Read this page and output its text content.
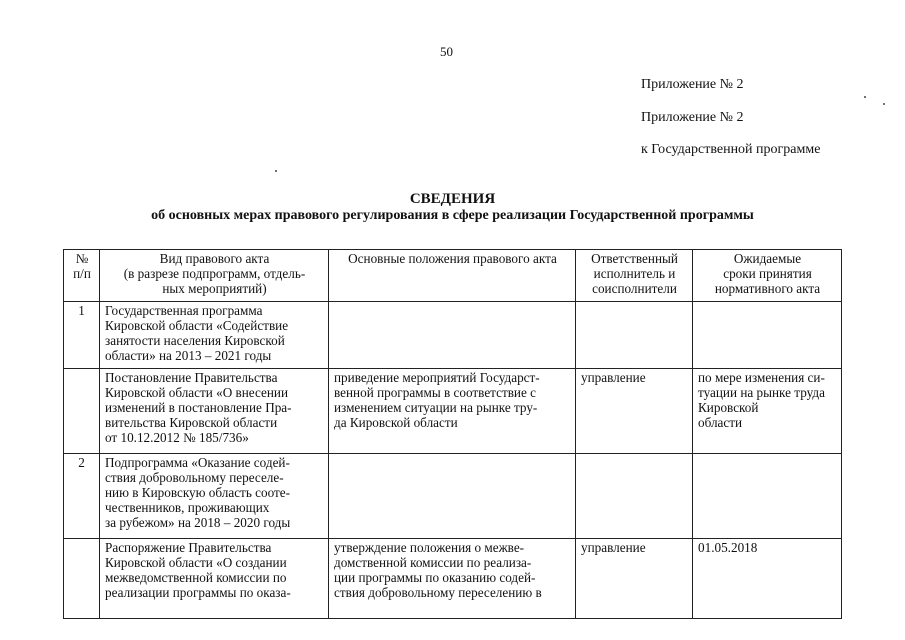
50
Приложение № 2
Приложение № 2
к Государственной программе
СВЕДЕНИЯ
об основных мерах правового регулирования в сфере реализации Государственной программы
№
п/п	Вид правового акта
(в разрезе подпрограмм, отдель-
ных мероприятий)	Основные положения правового акта	Ответственный
исполнитель и
соисполнители	Ожидаемые
сроки принятия
нормативного акта
1	Государственная программа
Кировской области «Содействие
занятости населения Кировской
области» на 2013 – 2021 годы			
	Постановление Правительства
Кировской области «О внесении
изменений в постановление Пра-
вительства Кировской области
от 10.12.2012 № 185/736»	приведение мероприятий Государст-
венной программы в соответствие с
изменением ситуации на рынке тру-
да Кировской области	управление	по мере изменения си-
туации на рынке труда
Кировской
области
2	Подпрограмма «Оказание содей-
ствия добровольному переселе-
нию в Кировскую область сооте-
чественников, проживающих
за рубежом» на 2018 – 2020 годы			
	Распоряжение Правительства
Кировской области «О создании
межведомственной комиссии по
реализации программы по оказа-	утверждение положения о межве-
домственной комиссии по реализа-
ции программы по оказанию содей-
ствия добровольному переселению в	управление	01.05.2018
